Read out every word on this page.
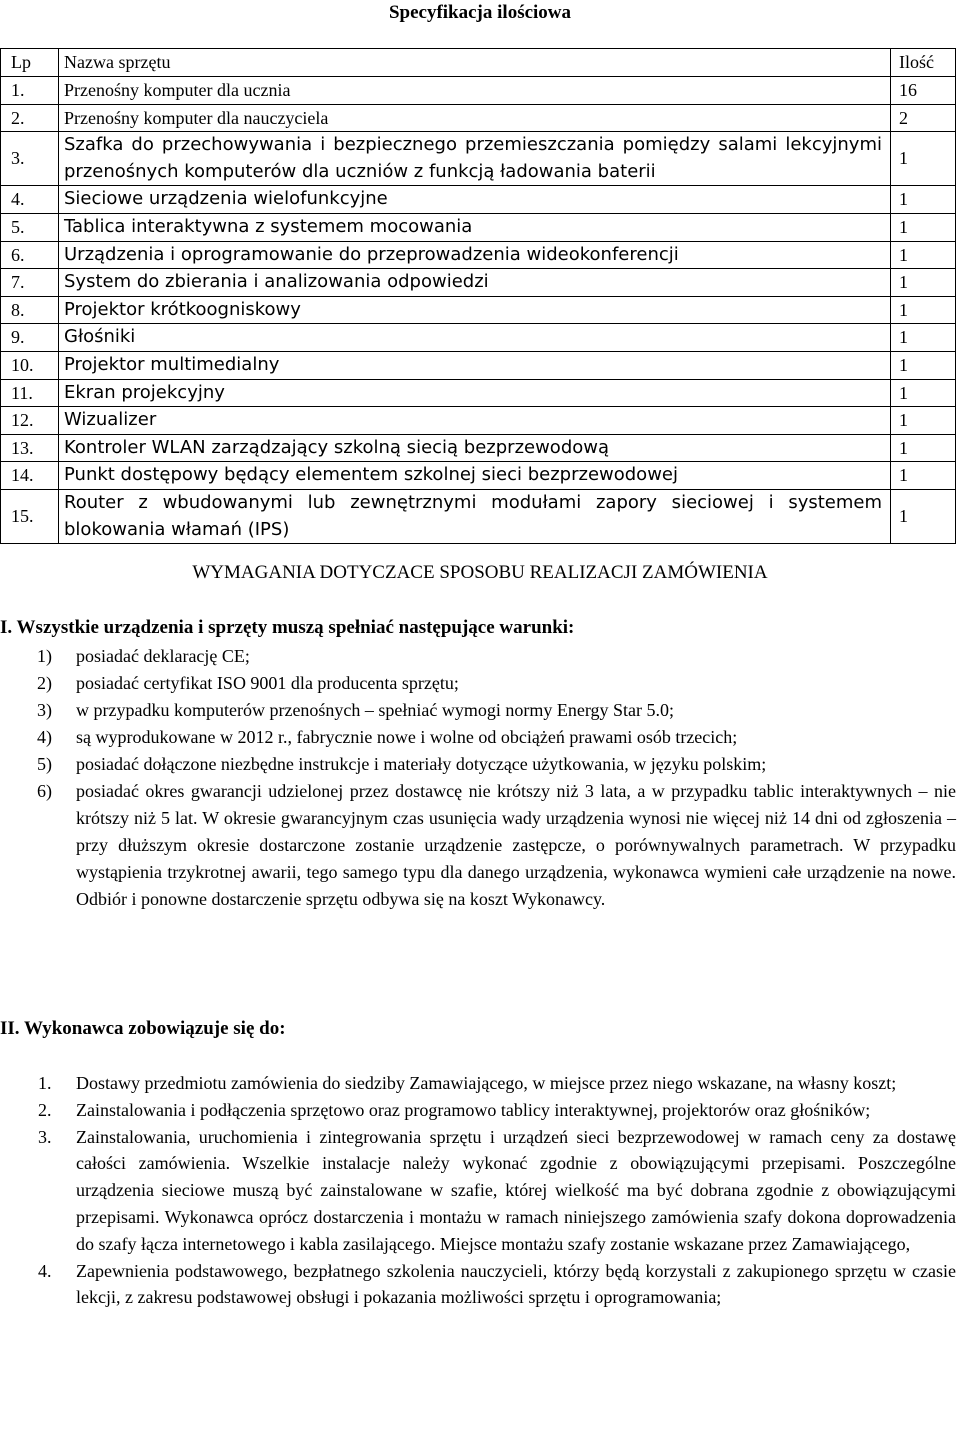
Specyfikacja ilościowa
Lp	Nazwa sprzętu	Ilość
1.	Przenośny komputer dla ucznia	16
2.	Przenośny komputer dla nauczyciela	2
3.	Szafka do przechowywania i bezpiecznego przemieszczania pomiędzy salami lekcyjnymi przenośnych komputerów dla uczniów z funkcją ładowania baterii	1
4.	Sieciowe urządzenia wielofunkcyjne	1
5.	Tablica interaktywna z systemem mocowania	1
6.	Urządzenia i oprogramowanie do przeprowadzenia wideokonferencji	1
7.	System do zbierania i analizowania odpowiedzi	1
8.	Projektor krótkoogniskowy	1
9.	Głośniki	1
10.	Projektor multimedialny	1
11.	Ekran projekcyjny	1
12.	Wizualizer	1
13.	Kontroler WLAN zarządzający szkolną siecią bezprzewodową	1
14.	Punkt dostępowy będący elementem szkolnej sieci bezprzewodowej	1
15.	Router z wbudowanymi lub zewnętrznymi modułami zapory sieciowej i systemem blokowania włamań (IPS)	1
WYMAGANIA DOTYCZACE SPOSOBU REALIZACJI ZAMÓWIENIA
I. Wszystkie urządzenia i sprzęty muszą spełniać następujące warunki:
1) posiadać deklarację CE;
2) posiadać certyfikat ISO 9001 dla producenta sprzętu;
3) w przypadku komputerów przenośnych – spełniać wymogi normy Energy Star 5.0;
4) są wyprodukowane w 2012 r., fabrycznie nowe i wolne od obciążeń prawami osób trzecich;
5) posiadać dołączone niezbędne instrukcje i materiały dotyczące użytkowania, w języku polskim;
6) posiadać okres gwarancji udzielonej przez dostawcę nie krótszy niż 3 lata, a w przypadku tablic interaktywnych – nie krótszy niż 5 lat. W okresie gwarancyjnym czas usunięcia wady urządzenia wynosi nie więcej niż 14 dni od zgłoszenia – przy dłuższym okresie dostarczone zostanie urządzenie zastępcze, o porównywalnych parametrach. W przypadku wystąpienia trzykrotnej awarii, tego samego typu dla danego urządzenia, wykonawca wymieni całe urządzenie na nowe. Odbiór i ponowne dostarczenie sprzętu odbywa się na koszt Wykonawcy.
II. Wykonawca zobowiązuje się do:
1. Dostawy przedmiotu zamówienia do siedziby Zamawiającego, w miejsce przez niego wskazane, na własny koszt;
2. Zainstalowania i podłączenia sprzętowo oraz programowo tablicy interaktywnej, projektorów oraz głośników;
3. Zainstalowania, uruchomienia i zintegrowania sprzętu i urządzeń sieci bezprzewodowej w ramach ceny za dostawę całości zamówienia. Wszelkie instalacje należy wykonać zgodnie z obowiązującymi przepisami. Poszczególne urządzenia sieciowe muszą być zainstalowane w szafie, której wielkość ma być dobrana zgodnie z obowiązującymi przepisami. Wykonawca oprócz dostarczenia i montażu w ramach niniejszego zamówienia szafy dokona doprowadzenia do szafy łącza internetowego i kabla zasilającego. Miejsce montażu szafy zostanie wskazane przez Zamawiającego,
4. Zapewnienia podstawowego, bezpłatnego szkolenia nauczycieli, którzy będą korzystali z zakupionego sprzętu w czasie lekcji, z zakresu podstawowej obsługi i pokazania możliwości sprzętu i oprogramowania;
